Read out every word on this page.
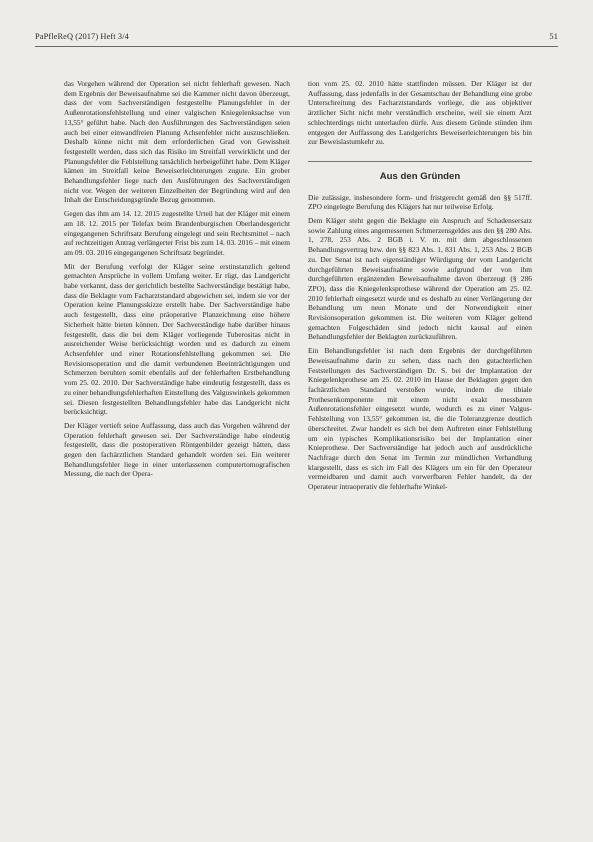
PaPfleReQ (2017) Heft 3/4	51

das Vorgehen während der Operation sei nicht fehlerhaft gewesen. Nach dem Ergebnis der Beweisaufnahme sei die Kammer nicht davon überzeugt, dass der vom Sachverständigen festgestellte Planungsfehler in der Außenrotationsfehlstellung und einer valgischen Kniegelenksachse von 13,55° geführt habe. Nach den Ausführungen des Sachverständigen seien auch bei einer einwandfreien Planung Achsenfehler nicht auszuschließen. Deshalb könne nicht mit dem erforderlichen Grad von Gewissheit festgestellt werden, dass sich das Risiko im Streitfall verwirklicht und der Planungsfehler die Fehlstellung tatsächlich herbeigeführt habe. Dem Kläger kämen im Streitfall keine Beweiserleichterungen zugute. Ein grober Behandlungsfehler liege nach den Ausführungen des Sachverständigen nicht vor. Wegen der weiteren Einzelheiten der Begründung wird auf den Inhalt der Entscheidungsgründe Bezug genommen.

Gegen das ihm am 14. 12. 2015 zugestellte Urteil hat der Kläger mit einem am 18. 12. 2015 per Telefax beim Brandenburgischen Oberlandesgericht eingegangenen Schriftsatz Berufung eingelegt und sein Rechtsmittel – nach auf rechtzeitigen Antrag verlängerter Frist bis zum 14. 03. 2016 – mit einem am 09. 03. 2016 eingegangenen Schriftsatz begründet.

Mit der Berufung verfolgt der Kläger seine erstinstanzlich geltend gemachten Ansprüche in vollem Umfang weiter. Er rügt, das Landgericht habe verkannt, dass der gerichtlich bestellte Sachverständige bestätigt habe, dass die Beklagte vom Facharztstandard abgewichen sei, indem sie vor der Operation keine Planungsskizze erstellt habe. Der Sachverständige habe auch festgestellt, dass eine präoperative Planzeichnung eine höhere Sicherheit hätte bieten können. Der Sachverständige habe darüber hinaus festgestellt, dass die bei dem Kläger vorliegende Tuberositas nicht in ausreichender Weise berücksichtigt worden und es dadurch zu einem Achsenfehler und einer Rotationsfehlstellung gekommen sei. Die Revisionsoperation und die damit verbundenen Beeinträchtigungen und Schmerzen beruhten somit ebenfalls auf der fehlerhaften Erstbehandlung vom 25. 02. 2010. Der Sachverständige habe eindeutig festgestellt, dass es zu einer behandlungsfehlerhaften Einstellung des Valguswinkels gekommen sei. Diesen festgestellten Behandlungsfehler habe das Landgericht nicht berücksichtigt.

Der Kläger vertieft seine Auffassung, dass auch das Vorgehen während der Operation fehlerhaft gewesen sei. Der Sachverständige habe eindeutig festgestellt, dass die postoperativen Röntgenbilder gezeigt hätten, dass gegen den fachärztlichen Standard gehandelt worden sei. Ein weiterer Behandlungsfehler liege in einer unterlassenen computertomografischen Messung, die nach der Opera-

tion vom 25. 02. 2010 hätte stattfinden müssen. Der Kläger ist der Auffassung, dass jedenfalls in der Gesamtschau der Behandlung eine grobe Unterschreitung des Facharztstandards vorliege, die aus objektiver ärztlicher Sicht nicht mehr verständlich erscheine, weil sie einem Arzt schlechterdings nicht unterlaufen dürfe. Aus diesem Gründe stünden ihm entgegen der Auffassung des Landgerichts Beweiserleichterungen bis hin zur Beweislastumkehr zu.

Aus den Gründen

Die zulässige, insbesondere form- und fristgerecht gemäß den §§ 517ff. ZPO eingelegte Berufung des Klägers hat nur teilweise Erfolg.

Dem Kläger steht gegen die Beklagte ein Anspruch auf Schadensersatz sowie Zahlung eines angemessenen Schmerzensgeldes aus den §§ 280 Abs. 1, 278, 253 Abs. 2 BGB i. V. m. mit dem abgeschlossenen Behandlungsvertrag bzw. den §§ 823 Abs. 1, 831 Abs. 1, 253 Abs. 2 BGB zu. Der Senat ist nach eigenständiger Würdigung der vom Landgericht durchgeführten Beweisaufnahme sowie aufgrund der von ihm durchgeführten ergänzenden Beweisaufnahme davon überzeugt (§ 286 ZPO), dass die Kniegelenksprothese während der Operation am 25. 02. 2010 fehlerhaft eingesetzt wurde und es deshalb zu einer Verlängerung der Behandlung um neun Monate und der Notwendigkeit einer Revisionsoperation gekommen ist. Die weiteren vom Kläger geltend gemachten Folgeschäden sind jedoch nicht kausal auf einen Behandlungsfehler der Beklagten zurückzuführen.

Ein Behandlungsfehler ist nach dem Ergebnis der durchgeführten Beweisaufnahme darin zu sehen, dass nach den gutachterlichen Feststellungen des Sachverständigen Dr. S. bei der Implantation der Kniegelenkprothese am 25. 02. 2010 im Hause der Beklagten gegen den fachärztlichen Standard verstoßen wurde, indem die tibiale Prothesenkomponente mit einem nicht exakt messbaren Außenrotationsfehler eingesetzt wurde, wodurch es zu einer Valgus-Fehlstellung von 13,55° gekommen ist, die die Toleranzgrenze deutlich überschreitet. Zwar handelt es sich bei dem Auftreten einer Fehlstellung um ein typisches Komplikationsrisiko bei der Implantation einer Knieprothese. Der Sachverständige hat jedoch auch auf ausdrückliche Nachfrage durch den Senat im Termin zur mündlichen Verhandlung klargestellt, dass es sich im Fall des Klägers um ein für den Operateur vermeidbaren und damit auch vorwerfbaren Fehler handelt, da der Operateur intraoperativ die fehlerhafte Winkel-
